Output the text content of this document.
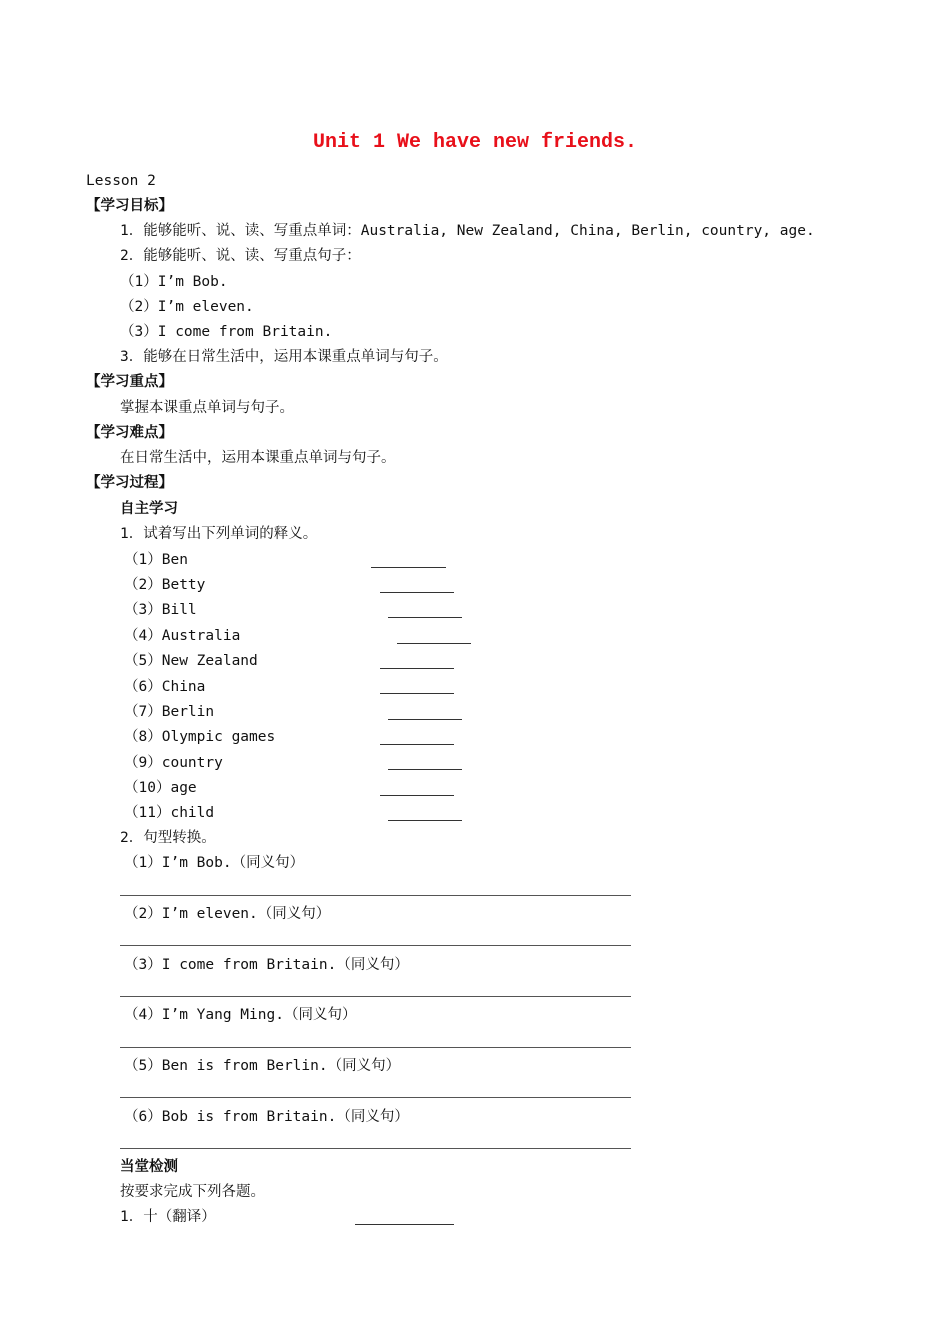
Unit 1 We have new friends.
Lesson 2
【学习目标】
1．能够能听、说、读、写重点单词：Australia, New Zealand, China, Berlin, country, age.
2．能够能听、说、读、写重点句子：
（1）I’m Bob.
（2）I’m eleven.
（3）I come from Britain.
3．能够在日常生活中，运用本课重点单词与句子。
【学习重点】
掌握本课重点单词与句子。
【学习难点】
在日常生活中，运用本课重点单词与句子。
【学习过程】
自主学习
1．试着写出下列单词的释义。
（1）Ben
（2）Betty
（3）Bill
（4）Australia
（5）New Zealand
（6）China
（7）Berlin
（8）Olympic games
（9）country
（10）age
（11）child
2．句型转换。
（1）I’m Bob.（同义句）
（2）I’m eleven.（同义句）
（3）I come from Britain.（同义句）
（4）I’m Yang Ming.（同义句）
（5）Ben is from Berlin.（同义句）
（6）Bob is from Britain.（同义句）
当堂检测
按要求完成下列各题。
1．十（翻译）
